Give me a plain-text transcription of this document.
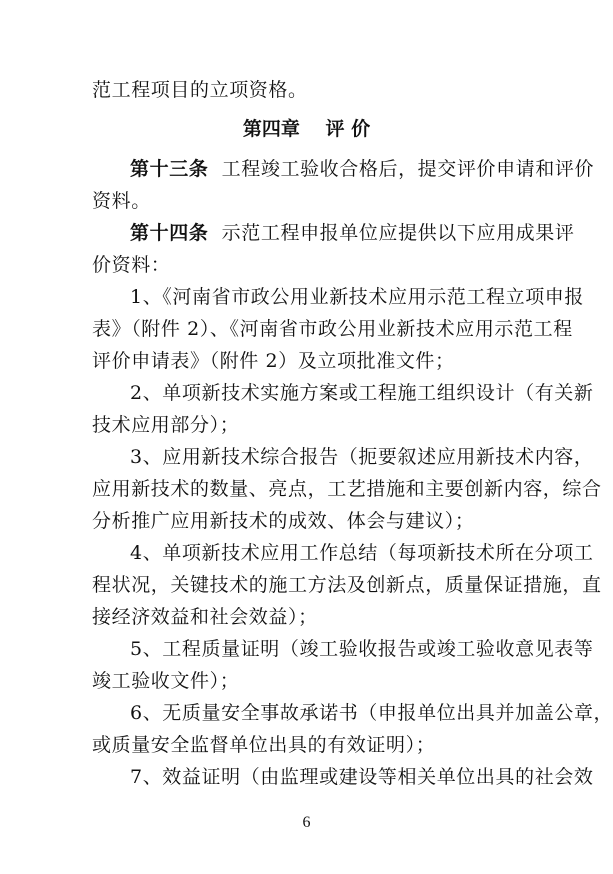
范工程项目的立项资格。
第四章　 评 价
第十三条  工程竣工验收合格后，提交评价申请和评价
资料。
第十四条  示范工程申报单位应提供以下应用成果评
价资料：
1、《河南省市政公用业新技术应用示范工程立项申报
表》（附件 2）、《河南省市政公用业新技术应用示范工程
评价申请表》（附件 2）及立项批准文件；
2、单项新技术实施方案或工程施工组织设计（有关新
技术应用部分）；
3、应用新技术综合报告（扼要叙述应用新技术内容，
应用新技术的数量、亮点，工艺措施和主要创新内容，综合
分析推广应用新技术的成效、体会与建议）；
4、单项新技术应用工作总结（每项新技术所在分项工
程状况，关键技术的施工方法及创新点，质量保证措施，直
接经济效益和社会效益）；
5、工程质量证明（竣工验收报告或竣工验收意见表等
竣工验收文件）；
6、无质量安全事故承诺书（申报单位出具并加盖公章，
或质量安全监督单位出具的有效证明）；
7、效益证明（由监理或建设等相关单位出具的社会效
6
